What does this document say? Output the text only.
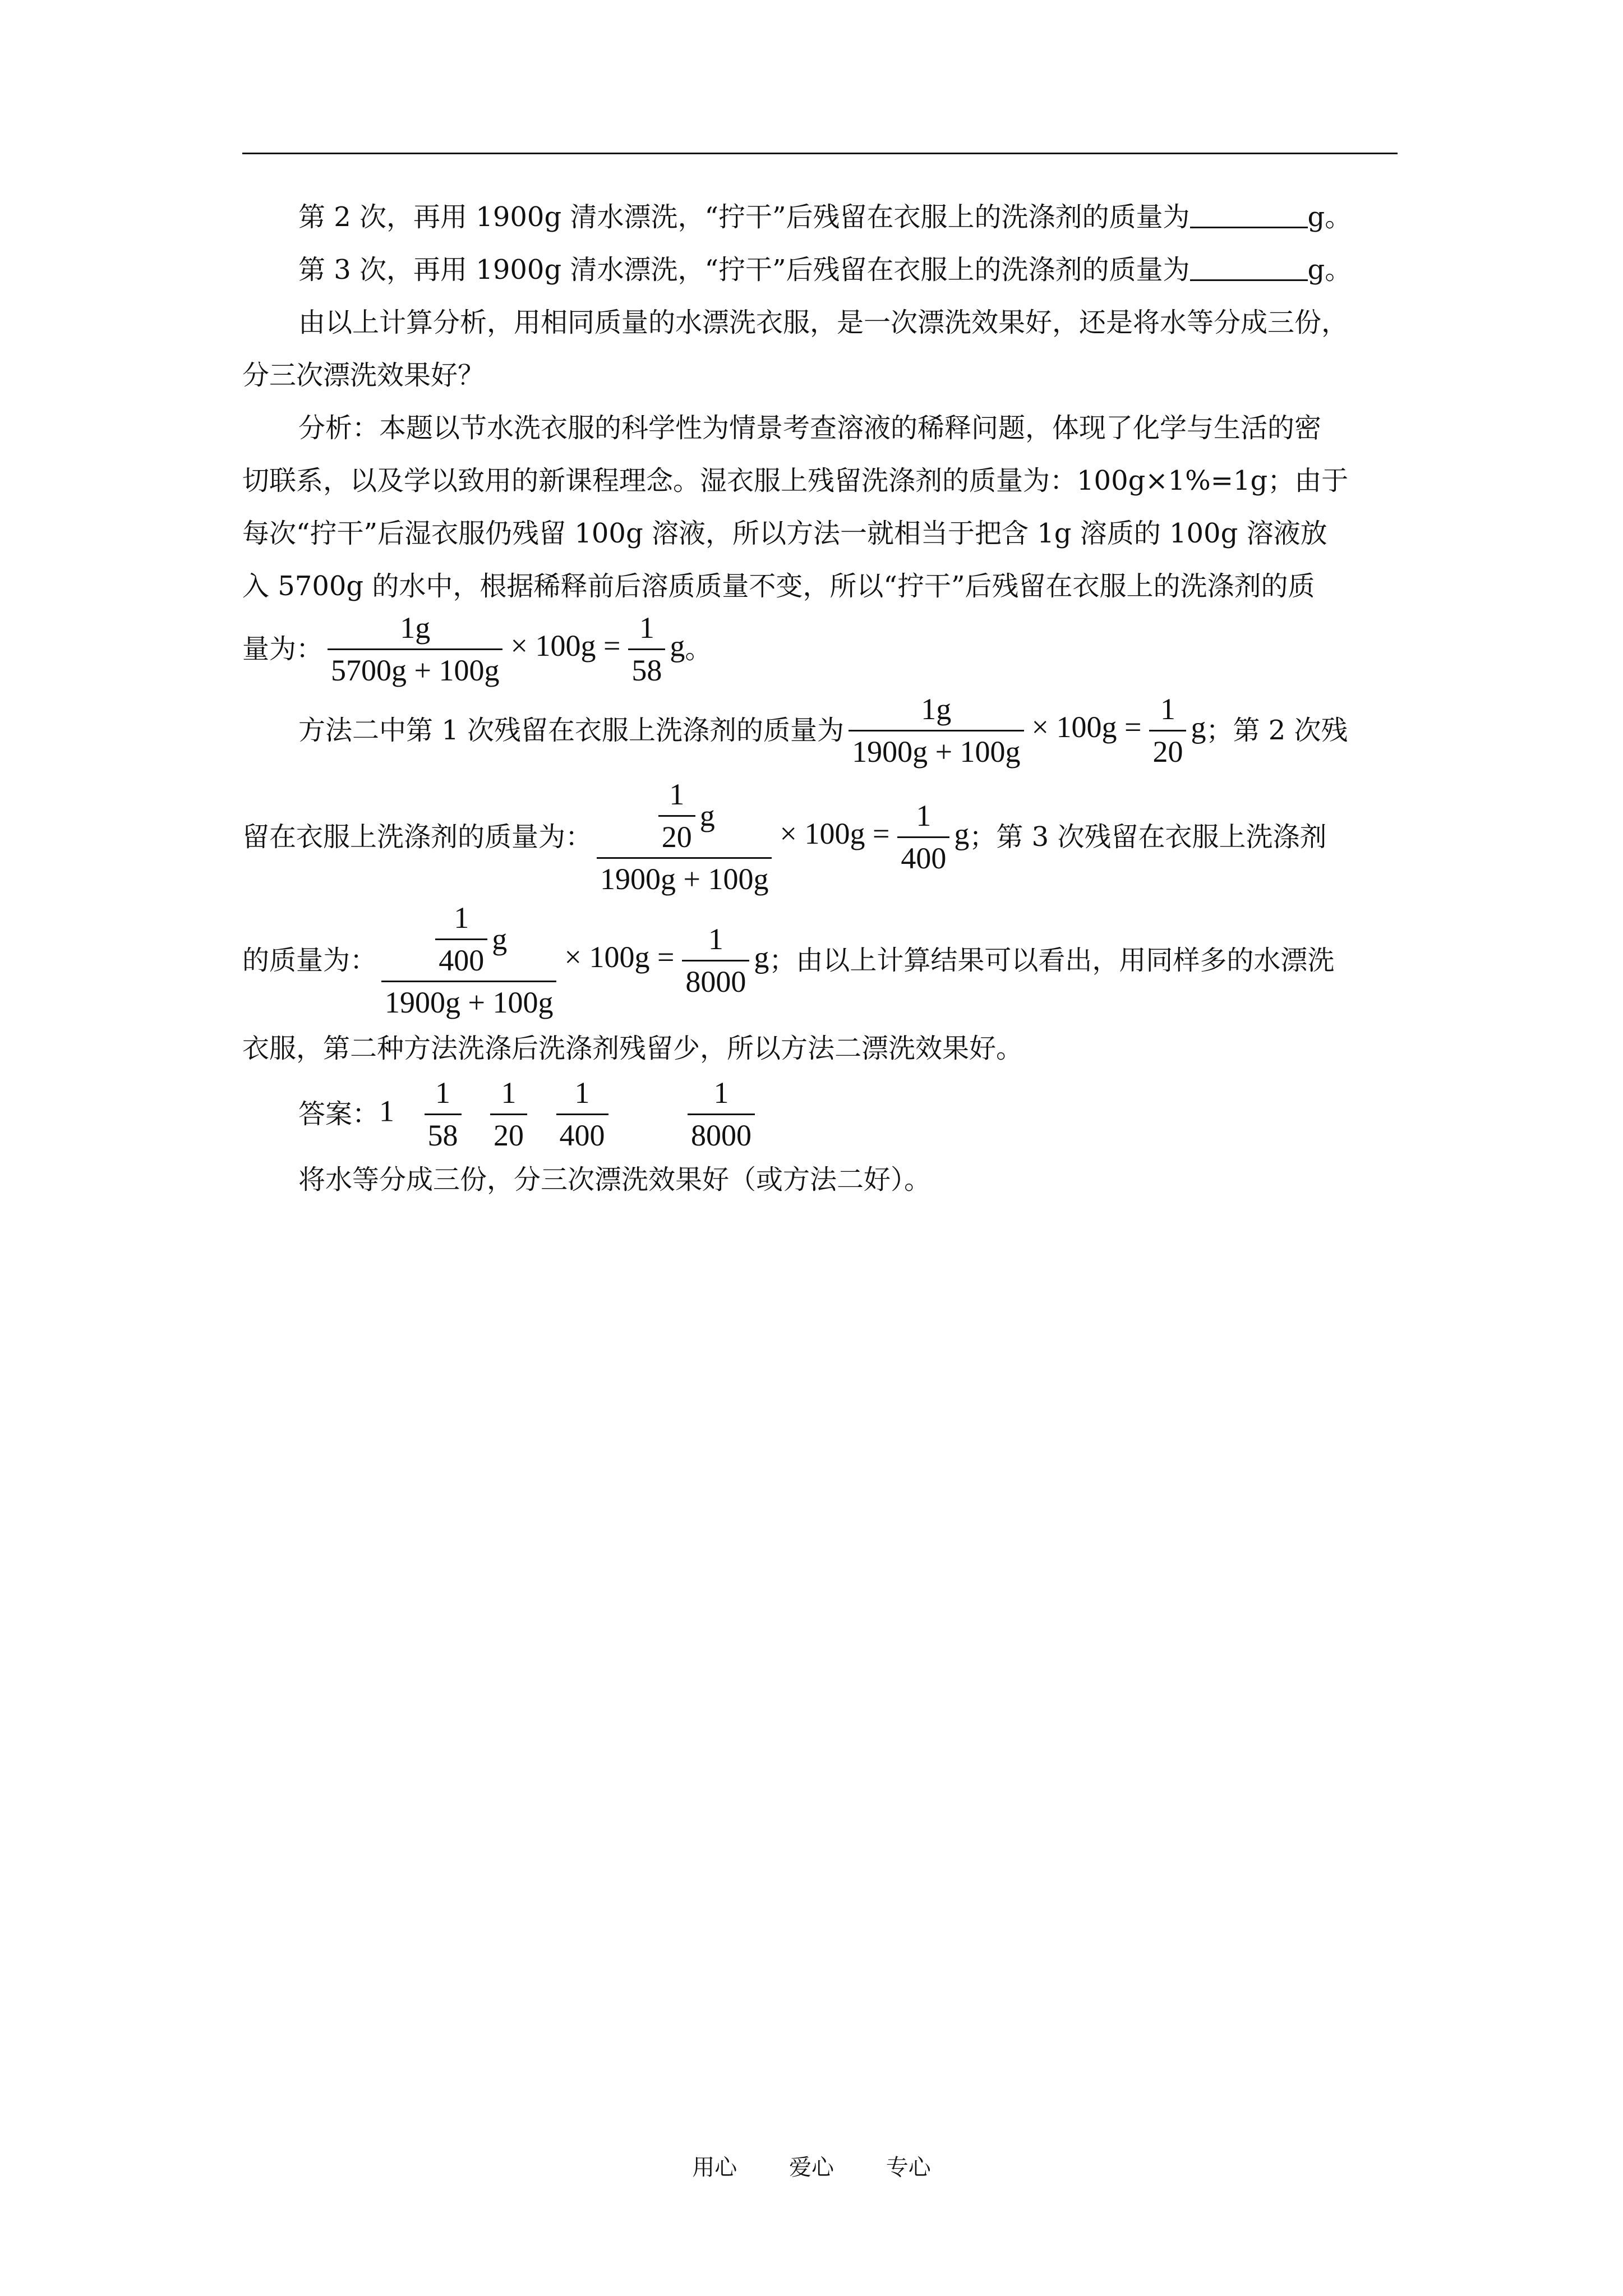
第 2 次，再用 1900g 清水漂洗，“拧干”后残留在衣服上的洗涤剂的质量为	g。
第 3 次，再用 1900g 清水漂洗，“拧干”后残留在衣服上的洗涤剂的质量为	g。
由以上计算分析，用相同质量的水漂洗衣服，是一次漂洗效果好，还是将水等分成三份，
分三次漂洗效果好？
分析：本题以节水洗衣服的科学性为情景考查溶液的稀释问题，体现了化学与生活的密
切联系，以及学以致用的新课程理念。湿衣服上残留洗涤剂的质量为：100g×1%=1g；由于
每次“拧干”后湿衣服仍残留 100g 溶液，所以方法一就相当于把含 1g 溶质的 100g 溶液放
入 5700g 的水中，根据稀释前后溶质质量不变，所以“拧干”后残留在衣服上的洗涤剂的质
量为： $\frac{1g}{5700g + 100g} \times 100g = \frac{1}{58}$ g 。
方法二中第 1 次残留在衣服上洗涤剂的质量为 $\frac{1g}{1900g + 100g} \times 100g = \frac{1}{20}$ g ；第 2 次残
留在衣服上洗涤剂的质量为： $\frac{\frac{1}{20} g}{1900g + 100g} \times 100g = \frac{1}{400}$ g ；第 3 次残留在衣服上洗涤剂
的质量为： $\frac{\frac{1}{400} g}{1900g + 100g} \times 100g = \frac{1}{8000}$ g ；由以上计算结果可以看出，用同样多的水漂洗
衣服，第二种方法洗涤后洗涤剂残留少，所以方法二漂洗效果好。
答案： $1 \frac{1}{58}$
$\frac{1}{20}$
$\frac{1}{400}$
	$\frac{1}{8000}$
将水等分成三份，分三次漂洗效果好（或方法二好）。
用心 爱心 专心
